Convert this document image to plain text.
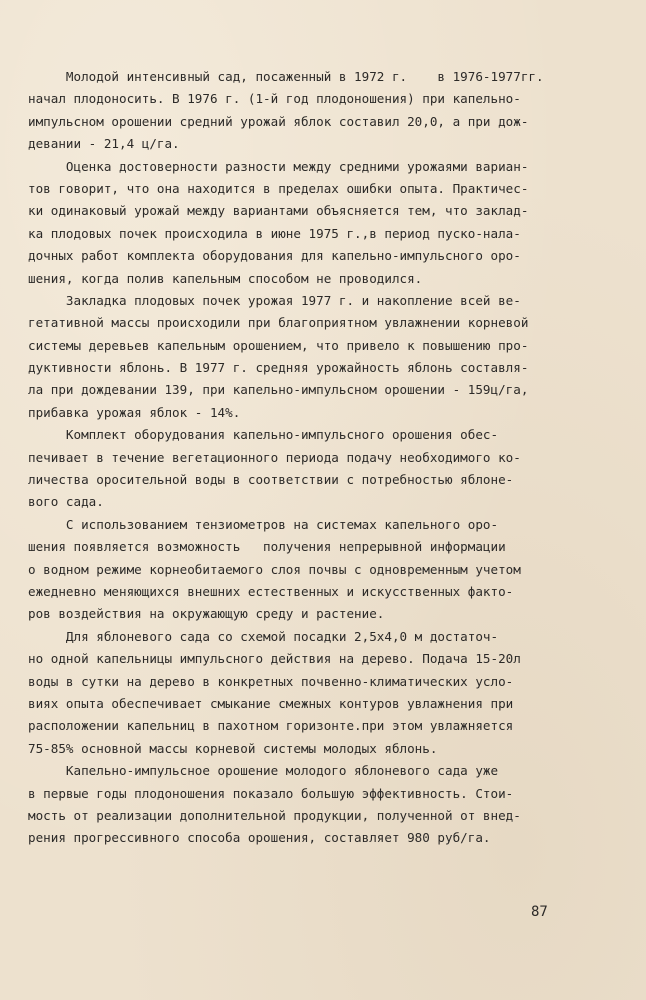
Молодой интенсивный сад, посаженный в 1972 г.    в 1976-1977гг.
начал плодоносить. В 1976 г. (1-й год плодоношения) при капельно-
импульсном орошении средний урожай яблок составил 20,0, а при дож-
девании - 21,4 ц/га.

Оценка достоверности разности между средними урожаями вариан-
тов говорит, что она находится в пределах ошибки опыта. Практичес-
ки одинаковый урожай между вариантами объясняется тем, что заклад-
ка плодовых почек происходила в июне 1975 г.,в период пуско-нала-
дочных работ комплекта оборудования для капельно-импульсного оро-
шения, когда полив капельным способом не проводился.

Закладка плодовых почек урожая 1977 г. и накопление всей ве-
гетативной массы происходили при благоприятном увлажнении корневой
системы деревьев капельным орошением, что привело к повышению про-
дуктивности яблонь. В 1977 г. средняя урожайность яблонь составля-
ла при дождевании 139, при капельно-импульсном орошении - 159ц/га,
прибавка урожая яблок - 14%.

Комплект оборудования капельно-импульсного орошения обес-
печивает в течение вегетационного периода подачу необходимого ко-
личества оросительной воды в соответствии с потребностью яблоне-
вого сада.

С использованием тензиометров на системах капельного оро-
шения появляется возможность   получения непрерывной информации
о водном режиме корнеобитаемого слоя почвы с одновременным учетом
ежедневно меняющихся внешних естественных и искусственных факто-
ров воздействия на окружающую среду и растение.

Для яблоневого сада со схемой посадки 2,5х4,0 м достаточ-
но одной капельницы импульсного действия на дерево. Подача 15-20л
воды в сутки на дерево в конкретных почвенно-климатических усло-
виях опыта обеспечивает смыкание смежных контуров увлажнения при
расположении капельниц в пахотном горизонте.при этом увлажняется
75-85% основной массы корневой системы молодых яблонь.

Капельно-импульсное орошение молодого яблоневого сада уже
в первые годы плодоношения показало большую эффективность. Стои-
мость от реализации дополнительной продукции, полученной от внед-
рения прогрессивного способа орошения, составляет 980 руб/га.

87
